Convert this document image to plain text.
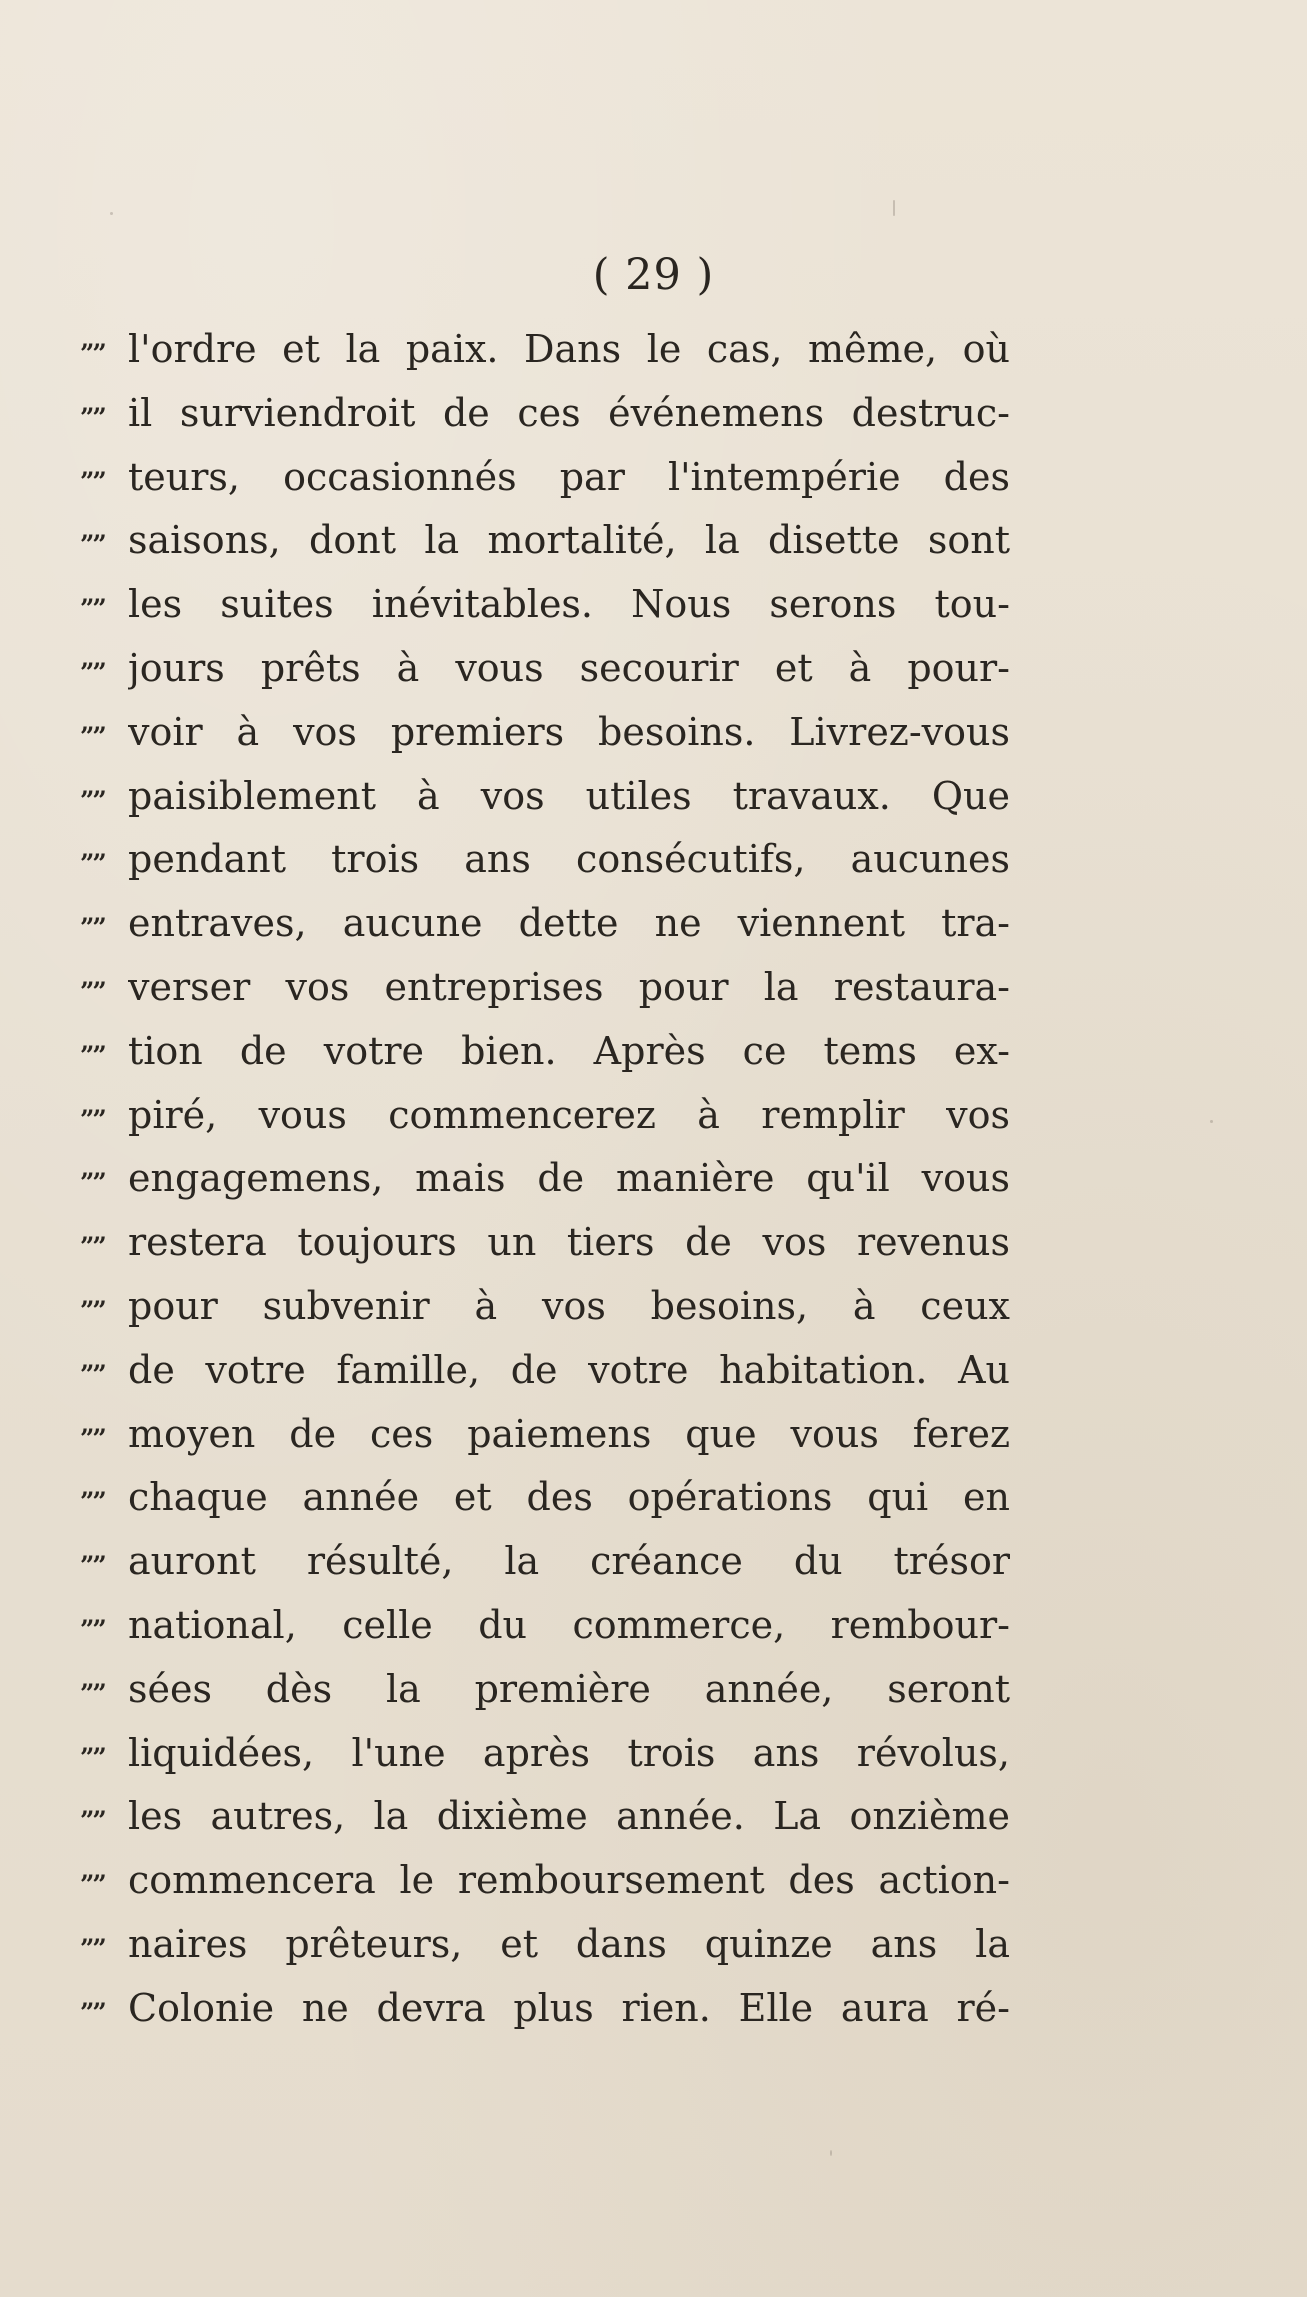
( 29 )
”” l'ordre et la paix. Dans le cas, même, où
”” il surviendroit de ces événemens destruc-
”” teurs, occasionnés par l'intempérie des
”” saisons, dont la mortalité, la disette sont
”” les suites inévitables. Nous serons tou-
”” jours prêts à vous secourir et à pour-
”” voir à vos premiers besoins. Livrez-vous
”” paisiblement à vos utiles travaux. Que
”” pendant trois ans consécutifs, aucunes
”” entraves, aucune dette ne viennent tra-
”” verser vos entreprises pour la restaura-
”” tion de votre bien. Après ce tems ex-
”” piré, vous commencerez à remplir vos
”” engagemens, mais de manière qu'il vous
”” restera toujours un tiers de vos revenus
”” pour subvenir à vos besoins, à ceux
”” de votre famille, de votre habitation. Au
”” moyen de ces paiemens que vous ferez
”” chaque année et des opérations qui en
”” auront résulté, la créance du trésor
”” national, celle du commerce, rembour-
”” sées dès la première année, seront
”” liquidées, l'une après trois ans révolus,
”” les autres, la dixième année. La onzième
”” commencera le remboursement des action-
”” naires prêteurs, et dans quinze ans la
”” Colonie ne devra plus rien. Elle aura ré-
